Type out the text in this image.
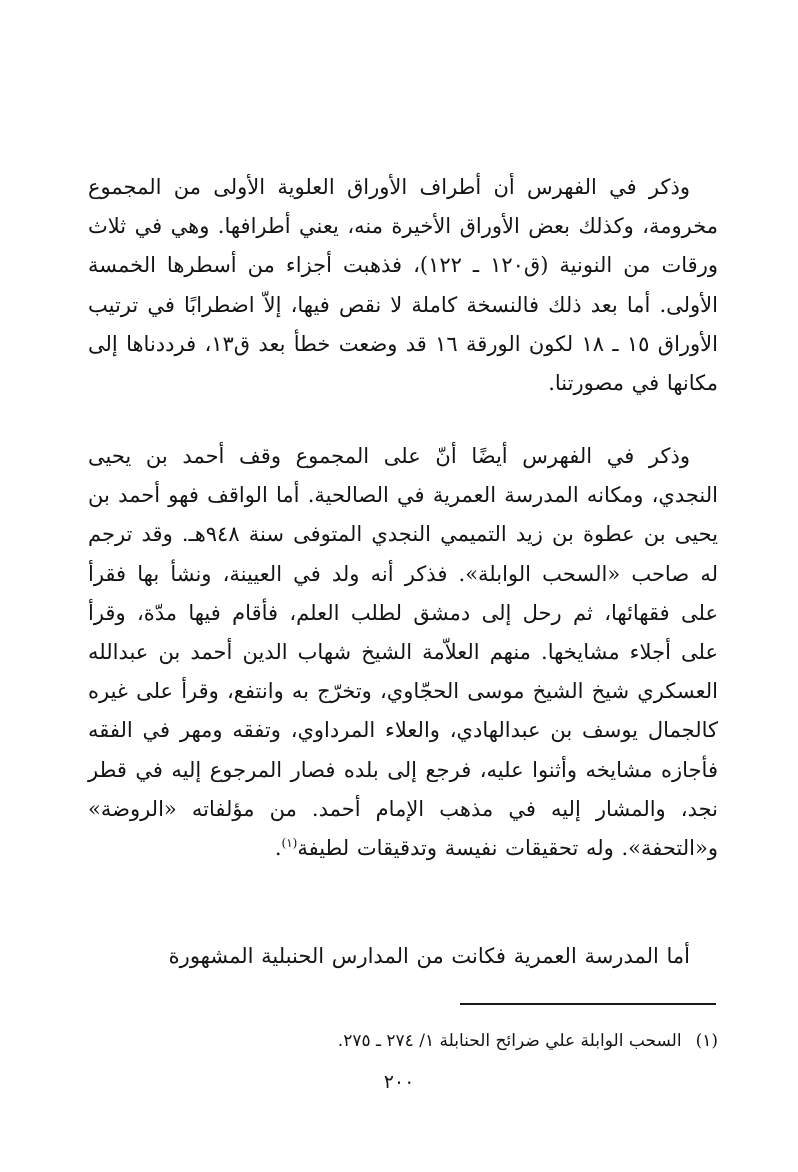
وذكر في الفهرس أن أطراف الأوراق العلوية الأولى من المجموع مخرومة، وكذلك بعض الأوراق الأخيرة منه، يعني أطرافها. وهي في ثلاث ورقات من النونية (ق١٢٠ ـ ١٢٢)، فذهبت أجزاء من أسطرها الخمسة الأولى. أما بعد ذلك فالنسخة كاملة لا نقص فيها، إلاّ اضطرابًا في ترتيب الأوراق ١٥ ـ ١٨ لكون الورقة ١٦ قد وضعت خطأ بعد ق١٣، فرددناها إلى مكانها في مصورتنا.

وذكر في الفهرس أيضًا أنّ على المجموع وقف أحمد بن يحيى النجدي، ومكانه المدرسة العمرية في الصالحية. أما الواقف فهو أحمد بن يحيى بن عطوة بن زيد التميمي النجدي المتوفى سنة ٩٤٨هـ. وقد ترجم له صاحب «السحب الوابلة». فذكر أنه ولد في العيينة، ونشأ بها فقرأ على فقهائها، ثم رحل إلى دمشق لطلب العلم، فأقام فيها مدّة، وقرأ على أجلاء مشايخها. منهم العلاّمة الشيخ شهاب الدين أحمد بن عبدالله العسكري شيخ الشيخ موسى الحجّاوي، وتخرّج به وانتفع، وقرأ على غيره كالجمال يوسف بن عبدالهادي، والعلاء المرداوي، وتفقه ومهر في الفقه فأجازه مشايخه وأثنوا عليه، فرجع إلى بلده فصار المرجوع إليه في قطر نجد، والمشار إليه في مذهب الإمام أحمد. من مؤلفاته «الروضة» و«التحفة». وله تحقيقات نفيسة وتدقيقات لطيفة$^{(١)}$.

أما المدرسة العمرية فكانت من المدارس الحنبلية المشهورة

(١)السحب الوابلة علي ضرائح الحنابلة ١/ ٢٧٤ ـ ٢٧٥.
٢٠٠
